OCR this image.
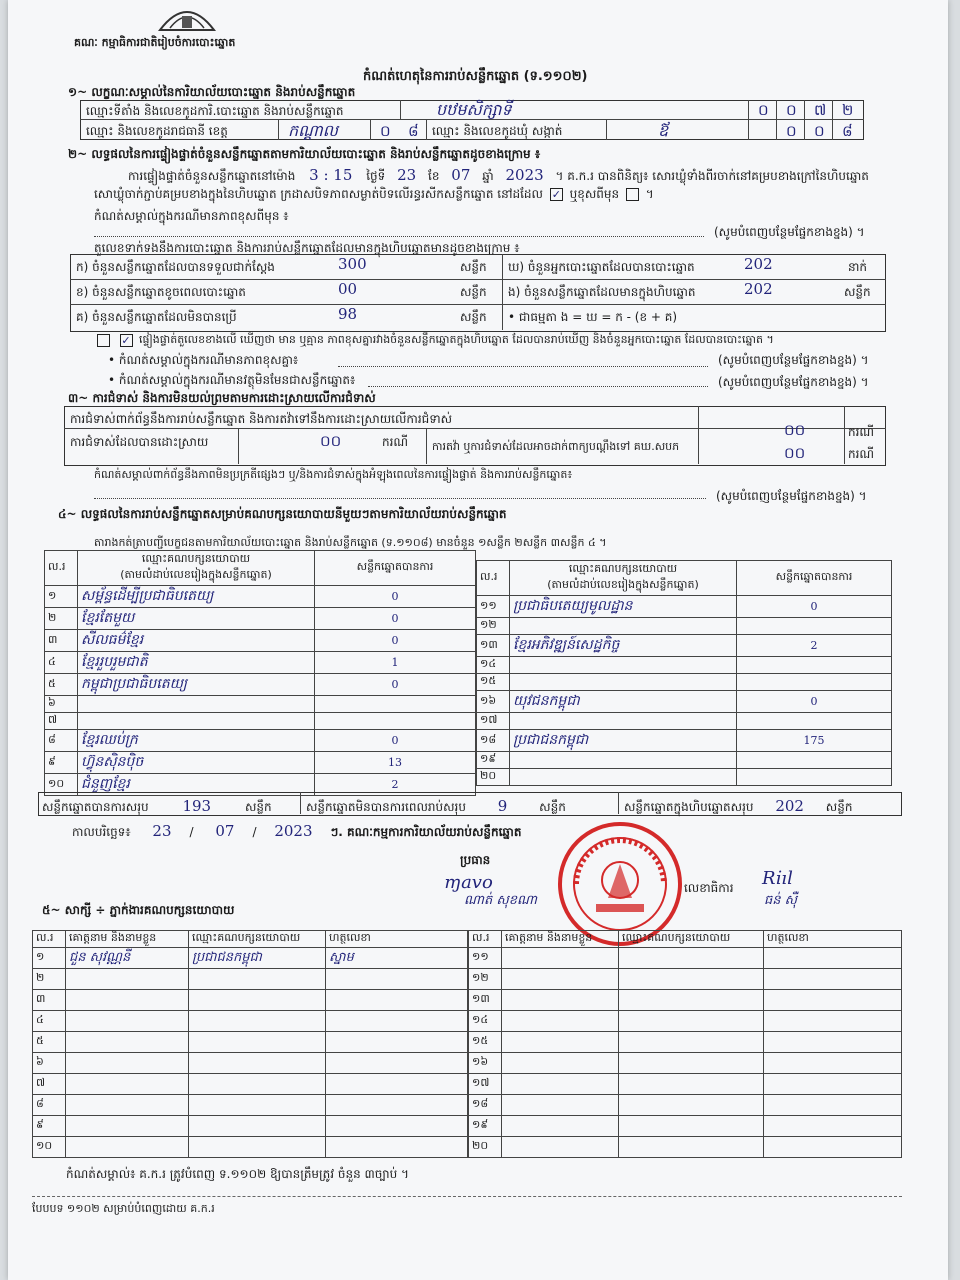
គណៈ កម្មាធិការជាតិរៀបចំការបោះឆ្នោត
កំណត់ហេតុនៃការរាប់សន្លឹកឆ្នោត (ទ.១១០២)
១~ លក្ខណៈសម្គាល់នៃការិយាល័យបោះឆ្នោត និងរាប់សន្លឹកឆ្នោត
ឈ្មោះទីតាំង និងលេខកូដការិ.បោះឆ្នោត និងរាប់សន្លឹកឆ្នោត	បឋមសិក្សាទី	០ ០ ៧ ២
ឈ្មោះ និងលេខកូដរាជធានី ខេត្ត	កណ្ដាល	០ ៨ ឈ្មោះ និងលេខកូដឃុំ សង្កាត់	ឪ	០ ០ ៨
២~ លទ្ធផលនៃការផ្ទៀងផ្ទាត់ចំនួនសន្លឹកឆ្នោតតាមការិយាល័យបោះឆ្នោត និងរាប់សន្លឹកឆ្នោតដូចខាងក្រោម ៖
ការផ្ទៀងផ្ទាត់ចំនួនសន្លឹកឆ្នោតនៅម៉ោង 3 : 15 ថ្ងៃទី 23 ខែ 07 ឆ្នាំ 2023 ។ គ.ក.រ បានពិនិត្យ៖ សោរឃ្លុំទាំងពីរចាក់នៅគម្របខាងក្រៅនៃហិបឆ្នោត
សោឃ្លុំចាក់ភ្ជាប់គម្របខាងក្នុងនៃហិបឆ្នោត ក្រដាសបិទភាពសម្ងាត់បិទលើរន្ធរសីកសន្លឹកឆ្នោត នៅដដែល ✓ ឬខុសពីមុន  ។
កំណត់សម្គាល់ក្នុងករណីមានភាពខុសពីមុន ៖
(សូមបំពេញបន្ថែមផ្នែកខាងខ្នង) ។
តួលេខទាក់ទងនឹងការបោះឆ្នោត និងការរាប់សន្លឹកឆ្នោតដែលមានក្នុងហិបឆ្នោតមានដូចខាងក្រោម ៖
ក) ចំនួនសន្លឹកឆ្នោតដែលបានទទួលជាក់ស្ដែង	300	សន្លឹក
ខ) ចំនួនសន្លឹកឆ្នោតខូចពេលបោះឆ្នោត	00	សន្លឹក
គ) ចំនួនសន្លឹកឆ្នោតដែលមិនបានប្រើ	98	សន្លឹក
ឃ) ចំនួនអ្នកបោះឆ្នោតដែលបានបោះឆ្នោត	202	នាក់
ង) ចំនួនសន្លឹកឆ្នោតដែលមានក្នុងហិបឆ្នោត	202	សន្លឹក
• ជាធម្មតា ង = ឃ = ក - (ខ + គ)
✓ ផ្ទៀងផ្ទាត់តួលេខខាងលើ ឃើញថា មាន ឬគ្មាន ភាពខុសគ្នារវាងចំនួនសន្លឹកឆ្នោតក្នុងហិបឆ្នោត ដែលបានរាប់ឃើញ និងចំនួនអ្នកបោះឆ្នោត ដែលបានបោះឆ្នោត ។
• កំណត់សម្គាល់ក្នុងករណីមានភាពខុសគ្នា៖	(សូមបំពេញបន្ថែមផ្នែកខាងខ្នង) ។
• កំណត់សម្គាល់ក្នុងករណីមានវត្ថុមិនមែនជាសន្លឹកឆ្នោត៖	(សូមបំពេញបន្ថែមផ្នែកខាងខ្នង) ។
៣~ ការជំទាស់ និងការមិនយល់ព្រមតាមការដោះស្រាយលើការជំទាស់
ការជំទាស់ពាក់ព័ន្ធនឹងការរាប់សន្លឹកឆ្នោត និងការតវ៉ាទៅនឹងការដោះស្រាយលើការជំទាស់
០០	ករណី
ការជំទាស់ដែលបានដោះស្រាយ	០០	ករណី ការតវ៉ា ឬការជំទាស់ដែលអាចដាក់ពាក្យបណ្ដឹងទៅ គឃ.សបភ	០០	ករណី
កំណត់សម្គាល់ពាក់ព័ន្ធនឹងភាពមិនប្រក្រតីផ្សេងៗ ឬ/និងការជំទាស់ក្នុងអំឡុងពេលនៃការផ្ទៀងផ្ទាត់ និងការរាប់សន្លឹកឆ្នោត៖
(សូមបំពេញបន្ថែមផ្នែកខាងខ្នង) ។
៤~ លទ្ធផលនៃការរាប់សន្លឹកឆ្នោតសម្រាប់គណបក្សនយោបាយនីមួយៗតាមការិយាល័យរាប់សន្លឹកឆ្នោត
តារាងកត់ត្រាបញ្ជីបេក្ខជនតាមការិយាល័យបោះឆ្នោត និងរាប់សន្លឹកឆ្នោត (ទ.១១០៨) មានចំនួន ១សន្លឹក ២សន្លឹក ៣សន្លឹក ៤ ។
ល.រ	ឈ្មោះគណបក្សនយោបាយ
(តាមលំដាប់លេខរៀងក្នុងសន្លឹកឆ្នោត)	សន្លឹកឆ្នោតបានការ
១	សម្ព័ន្ធដើម្បីប្រជាធិបតេយ្យ	0
២	ខ្មែរតែមួយ	0
៣	សីលធម៌ខ្មែរ	0
៤	ខ្មែររួបរួមជាតិ	1
៥	កម្ពុជាប្រជាធិបតេយ្យ	0
៦		
៧		
៨	ខ្មែរឈប់ក្រ	0
៩	ហ៊្វុនស៊ិនប៉ិច	13
១០	ជំនួញខ្មែរ	2
ល.រ	ឈ្មោះគណបក្សនយោបាយ
(តាមលំដាប់លេខរៀងក្នុងសន្លឹកឆ្នោត)	សន្លឹកឆ្នោតបានការ
១១	ប្រជាធិបតេយ្យមូលដ្ឋាន	0
១២		
១៣	ខ្មែរអភិវឌ្ឍន៍សេដ្ឋកិច្ច	2
១៤		
១៥		
១៦	យុវជនកម្ពុជា	0
១៧		
១៨	ប្រជាជនកម្ពុជា	175
១៩		
២០		
សន្លឹកឆ្នោតបានការសរុប 193	សន្លឹក	សន្លឹកឆ្នោតមិនបានការពេលរាប់សរុប 9	សន្លឹក	សន្លឹកឆ្នោតក្នុងហិបឆ្នោតសរុប 202 សន្លឹក
កាលបរិច្ឆេទ៖ 23 / 07 / 2023 ៗ. គណៈកម្មការការិយាល័យរាប់សន្លឹកឆ្នោត
ប្រធាន
ɱavo
ណាត់ សុខណា
លេខាធិការ Rı̇ıl
ធន់ ស៊ឺ
៥~ សាក្សី ÷ ភ្នាក់ងារគណបក្សនយោបាយ
ល.រ	គោត្តនាម និងនាមខ្លួន	ឈ្មោះគណបក្សនយោបាយ	ហត្ថលេខា
១	ជួន សុវណ្ណនី	ប្រជាជនកម្ពុជា	ស្នាម
២			
៣			
៤			
៥			
៦			
៧			
៨			
៩			
១០			
ល.រ	គោត្តនាម និងនាមខ្លួន	ឈ្មោះគណបក្សនយោបាយ	ហត្ថលេខា
១១			
១២			
១៣			
១៤			
១៥			
១៦			
១៧			
១៨			
១៩			
២០			
កំណត់សម្គាល់៖ គ.ក.រ ត្រូវបំពេញ ទ.១១០២ ឱ្យបានត្រឹមត្រូវ ចំនួន ៣ច្បាប់ ។
បែបបទ ១១០២ សម្រាប់បំពេញដោយ គ.ក.រ
